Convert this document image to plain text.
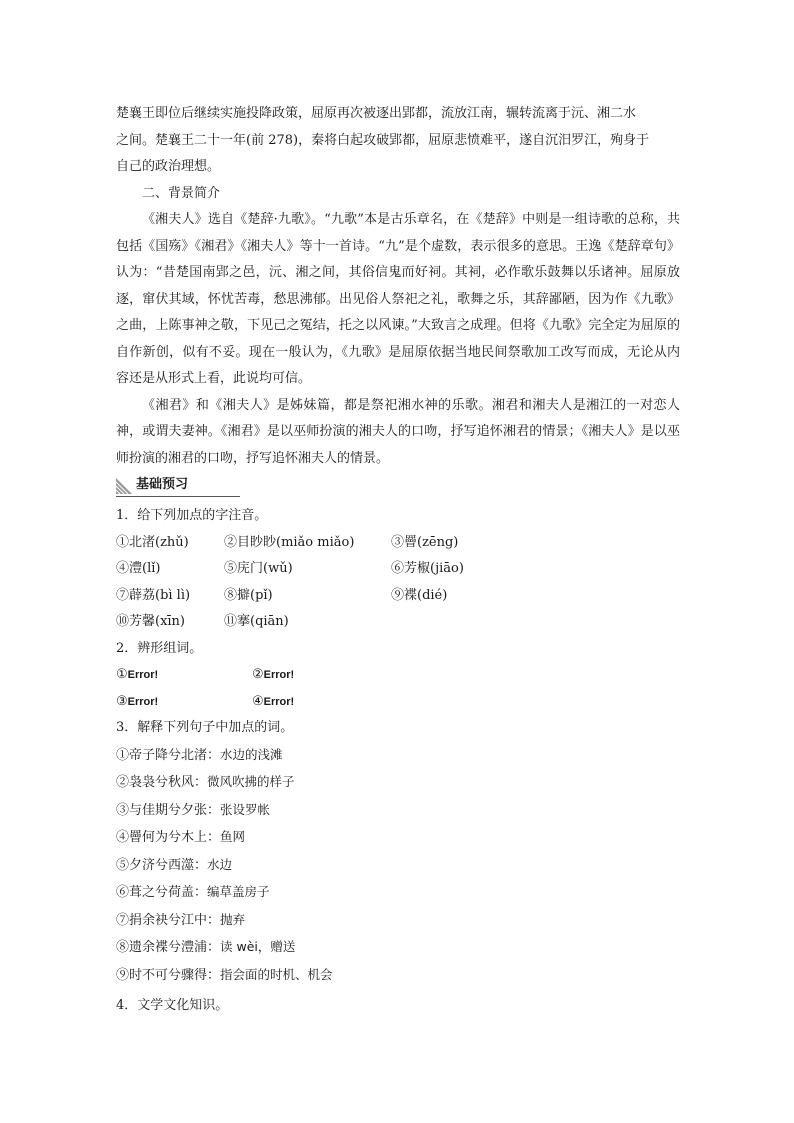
楚襄王即位后继续实施投降政策，屈原再次被逐出郢都，流放江南，辗转流离于沅、湘二水
之间。楚襄王二十一年(前 278)，秦将白起攻破郢都，屈原悲愤难平，遂自沉汨罗江，殉身于
自己的政治理想。
二、背景简介

《湘夫人》选自《楚辞·九歌》。“九歌”本是古乐章名，在《楚辞》中则是一组诗歌的总称，共包括《国殇》《湘君》《湘夫人》等十一首诗。“九”是个虚数，表示很多的意思。王逸《楚辞章句》认为：“昔楚国南郢之邑，沅、湘之间，其俗信鬼而好祠。其祠，必作歌乐鼓舞以乐诸神。屈原放逐，窜伏其域，怀忧苦毒，愁思沸郁。出见俗人祭祀之礼，歌舞之乐，其辞鄙陋，因为作《九歌》之曲，上陈事神之敬，下见己之冤结，托之以风谏。”大致言之成理。但将《九歌》完全定为屈原的自作新创，似有不妥。现在一般认为，《九歌》是屈原依据当地民间祭歌加工改写而成，无论从内容还是从形式上看，此说均可信。

《湘君》和《湘夫人》是姊妹篇，都是祭祀湘水神的乐歌。湘君和湘夫人是湘江的一对恋人神，或谓夫妻神。《湘君》是以巫师扮演的湘夫人的口吻，抒写追怀湘君的情景；《湘夫人》是以巫师扮演的湘君的口吻，抒写追怀湘夫人的情景。

基础预习
1．给下列加点的字注音。
①北渚(zhǔ)	②目眇眇(miǎo miǎo)	③罾(zēng)
④澧(lǐ)	⑤庑门(wǔ)	⑥芳椒(jiāo)
⑦薜荔(bì lì)	⑧擗(pǐ)	⑨褋(dié)
⑩芳馨(xīn)	⑪搴(qiān)
2．辨形组词。
①Error!	②Error!
③Error!	④Error!
3．解释下列句子中加点的词。
①帝子降兮北渚：水边的浅滩
②袅袅兮秋风：微风吹拂的样子
③与佳期兮夕张：张设罗帐
④罾何为兮木上：鱼网
⑤夕济兮西澨：水边
⑥葺之兮荷盖：编草盖房子
⑦捐余袂兮江中：抛弃
⑧遗余褋兮澧浦：读 wèi，赠送
⑨时不可兮骤得：指会面的时机、机会
4．文学文化知识。
